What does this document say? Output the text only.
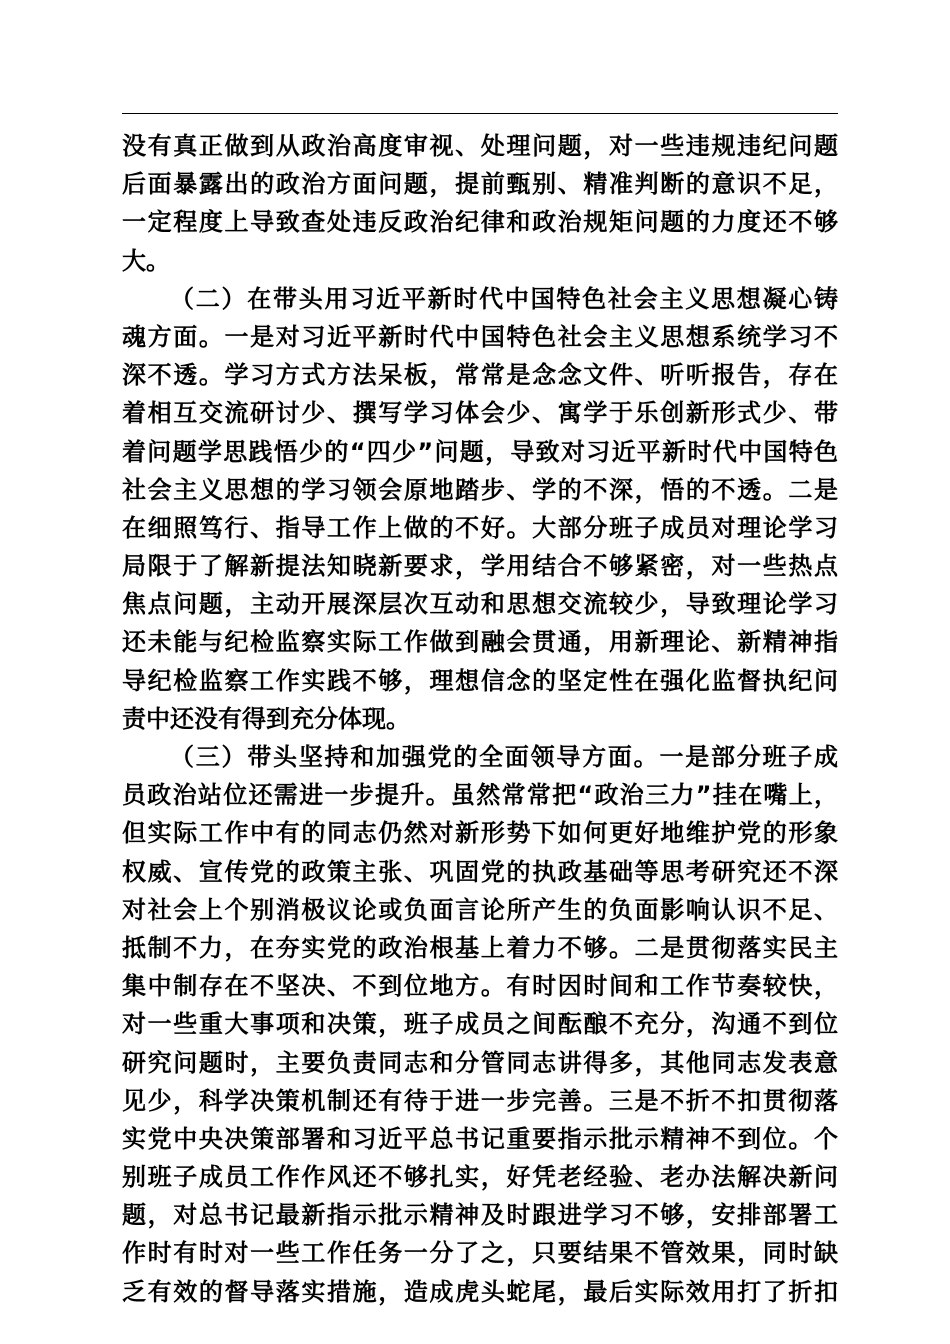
没有真正做到从政治高度审视、处理问题，对一些违规违纪问题
后面暴露出的政治方面问题，提前甄别、精准判断的意识不足，
一定程度上导致查处违反政治纪律和政治规矩问题的力度还不够
大。
（二）在带头用习近平新时代中国特色社会主义思想凝心铸
魂方面。一是对习近平新时代中国特色社会主义思想系统学习不
深不透。学习方式方法呆板，常常是念念文件、听听报告，存在
着相互交流研讨少、撰写学习体会少、寓学于乐创新形式少、带
着问题学思践悟少的“四少”问题，导致对习近平新时代中国特色
社会主义思想的学习领会原地踏步、学的不深，悟的不透。二是
在细照笃行、指导工作上做的不好。大部分班子成员对理论学习
局限于了解新提法知晓新要求，学用结合不够紧密，对一些热点
焦点问题，主动开展深层次互动和思想交流较少，导致理论学习
还未能与纪检监察实际工作做到融会贯通，用新理论、新精神指
导纪检监察工作实践不够，理想信念的坚定性在强化监督执纪问
责中还没有得到充分体现。
（三）带头坚持和加强党的全面领导方面。一是部分班子成
员政治站位还需进一步提升。虽然常常把“政治三力”挂在嘴上，
但实际工作中有的同志仍然对新形势下如何更好地维护党的形象
权威、宣传党的政策主张、巩固党的执政基础等思考研究还不深
对社会上个别消极议论或负面言论所产生的负面影响认识不足、
抵制不力，在夯实党的政治根基上着力不够。二是贯彻落实民主
集中制存在不坚决、不到位地方。有时因时间和工作节奏较快，
对一些重大事项和决策，班子成员之间酝酿不充分，沟通不到位
研究问题时，主要负责同志和分管同志讲得多，其他同志发表意
见少，科学决策机制还有待于进一步完善。三是不折不扣贯彻落
实党中央决策部署和习近平总书记重要指示批示精神不到位。个
别班子成员工作作风还不够扎实，好凭老经验、老办法解决新问
题，对总书记最新指示批示精神及时跟进学习不够，安排部署工
作时有时对一些工作任务一分了之，只要结果不管效果，同时缺
乏有效的督导落实措施，造成虎头蛇尾，最后实际效用打了折扣
